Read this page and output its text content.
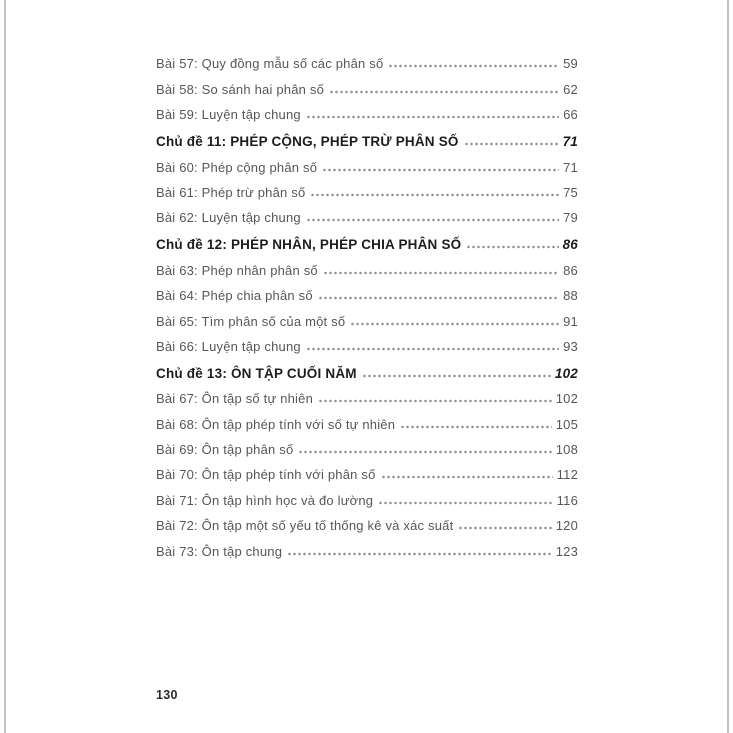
Bài 57: Quy đồng mẫu số các phân số	59
Bài 58: So sánh hai phân số	62
Bài 59: Luyện tập chung	66
Chủ đề 11: PHÉP CỘNG, PHÉP TRỪ PHÂN SỐ	71
Bài 60: Phép cộng phân số	71
Bài 61: Phép trừ phân số	75
Bài 62: Luyện tập chung	79
Chủ đề 12: PHÉP NHÂN, PHÉP CHIA PHÂN SỐ	86
Bài 63: Phép nhân phân số	86
Bài 64: Phép chia phân số	88
Bài 65: Tìm phân số của một số	91
Bài 66: Luyện tập chung	93
Chủ đề 13: ÔN TẬP CUỐI NĂM	102
Bài 67: Ôn tập số tự nhiên	102
Bài 68: Ôn tập phép tính với số tự nhiên	105
Bài 69: Ôn tập phân số	108
Bài 70: Ôn tập phép tính với phân số	112
Bài 71: Ôn tập hình học và đo lường	116
Bài 72: Ôn tập một số yếu tố thống kê và xác suất	120
Bài 73: Ôn tập chung	123
130
